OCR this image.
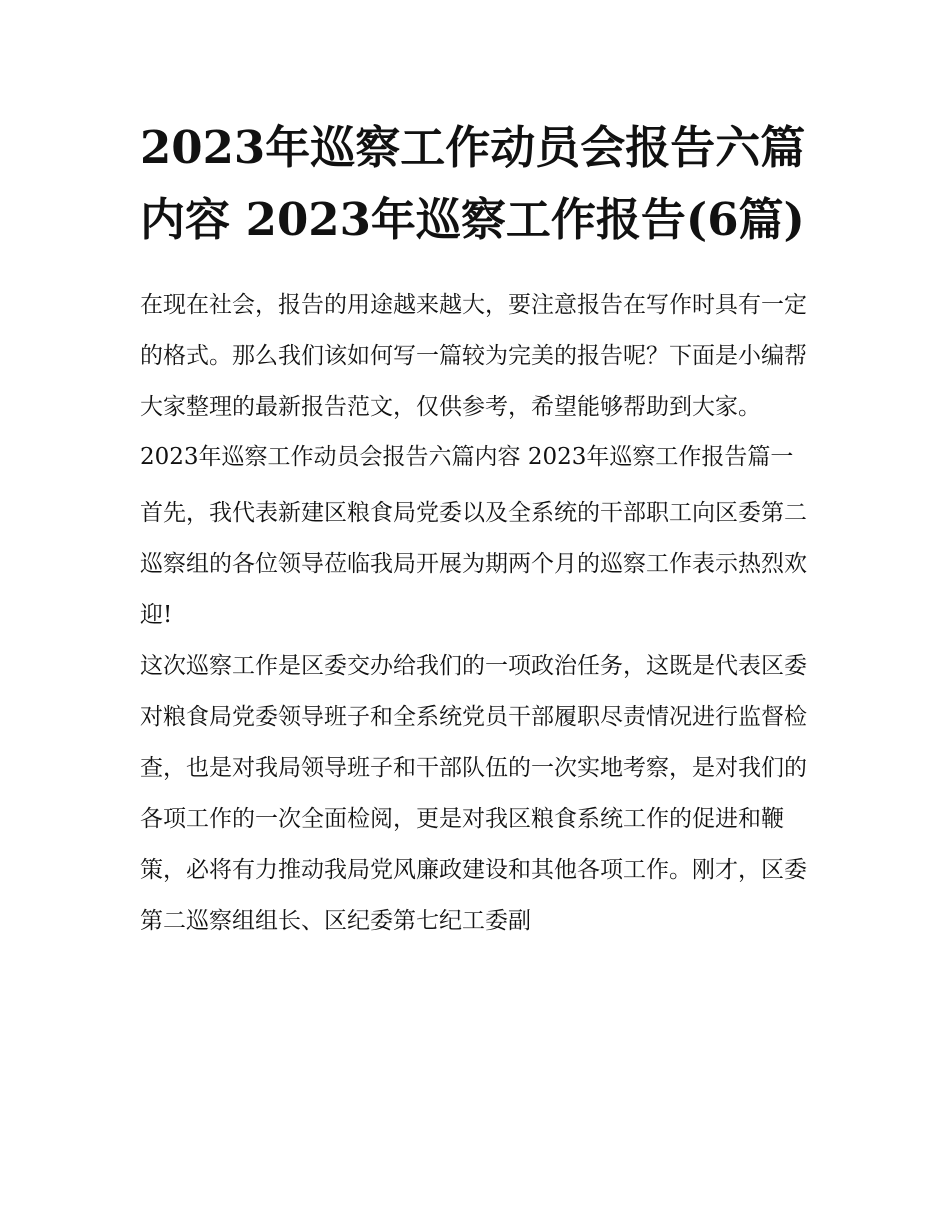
2023年巡察工作动员会报告六篇内容 2023年巡察工作报告(6篇)

在现在社会，报告的用途越来越大，要注意报告在写作时具有一定的格式。那么我们该如何写一篇较为完美的报告呢？下面是小编帮大家整理的最新报告范文，仅供参考，希望能够帮助到大家。

2023年巡察工作动员会报告六篇内容 2023年巡察工作报告篇一

首先，我代表新建区粮食局党委以及全系统的干部职工向区委第二巡察组的各位领导莅临我局开展为期两个月的巡察工作表示热烈欢迎!

这次巡察工作是区委交办给我们的一项政治任务，这既是代表区委对粮食局党委领导班子和全系统党员干部履职尽责情况进行监督检查，也是对我局领导班子和干部队伍的一次实地考察，是对我们的各项工作的一次全面检阅，更是对我区粮食系统工作的促进和鞭策，必将有力推动我局党风廉政建设和其他各项工作。刚才，区委第二巡察组组长、区纪委第七纪工委副
